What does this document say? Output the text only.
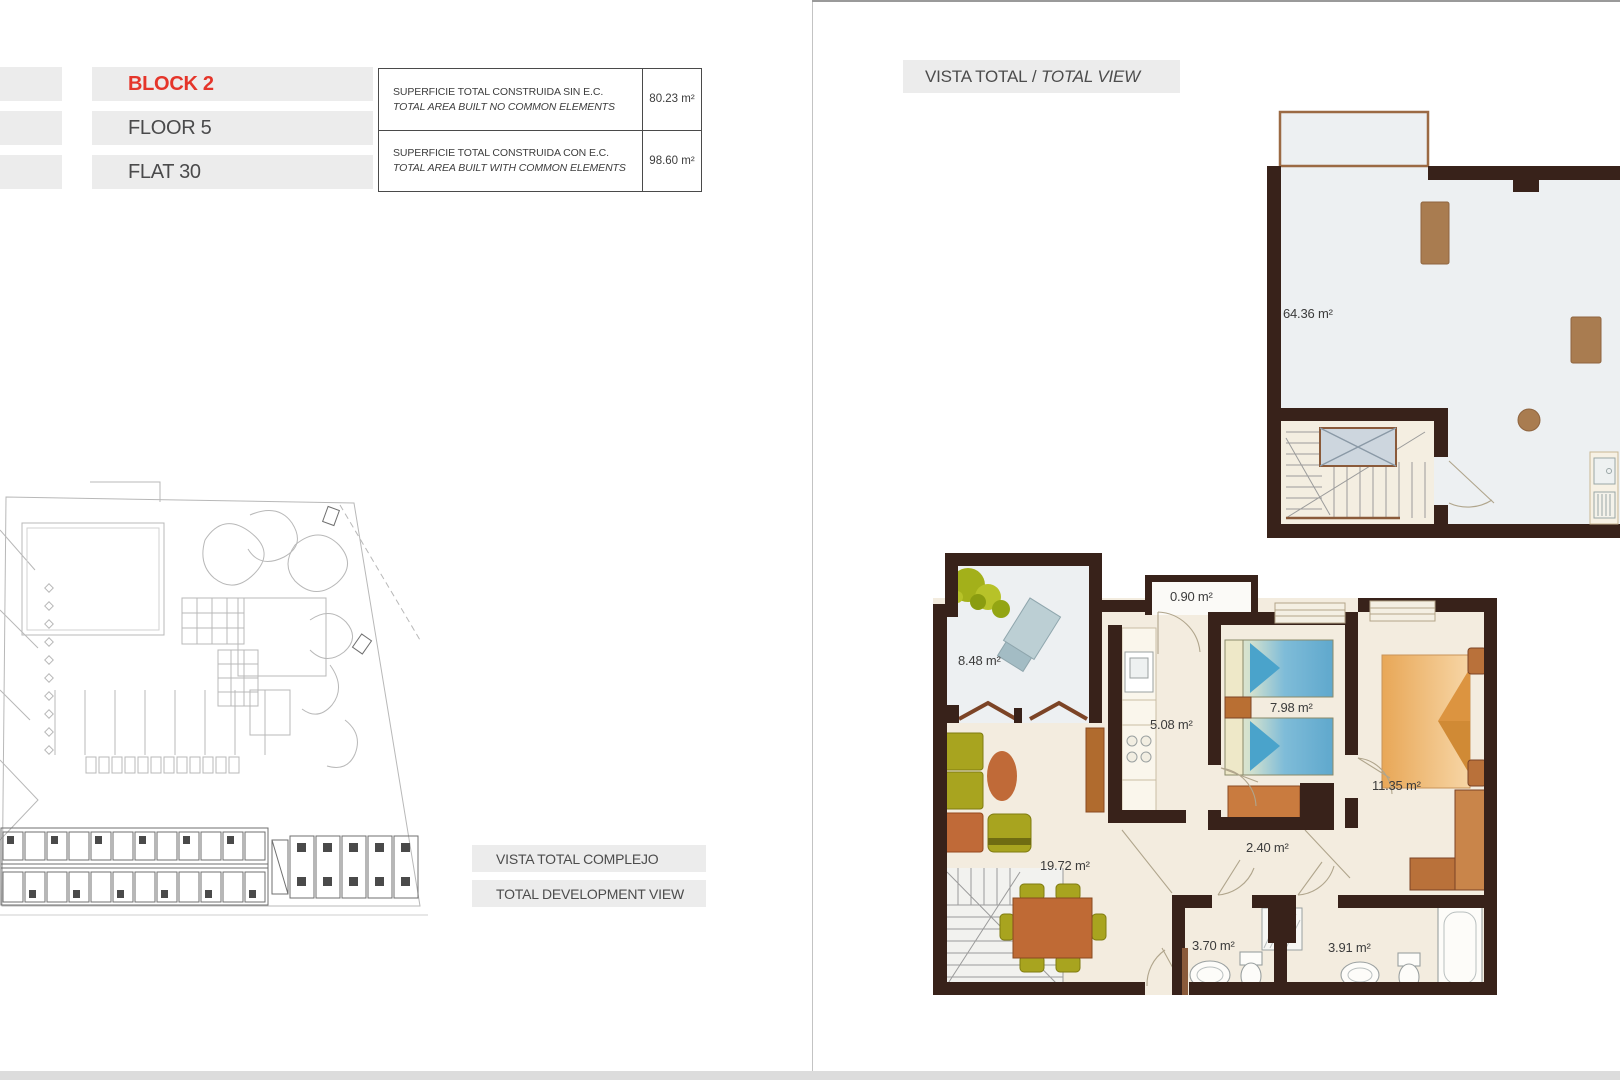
BLOCK 2
FLOOR 5
FLAT 30
SUPERFICIE TOTAL CONSTRUIDA SIN E.C.
TOTAL AREA BUILT NO COMMON ELEMENTS
80.23 m²
SUPERFICIE TOTAL CONSTRUIDA CON E.C.
TOTAL AREA BUILT WITH COMMON ELEMENTS
98.60 m²
VISTA TOTAL / TOTAL VIEW
VISTA TOTAL COMPLEJO
TOTAL DEVELOPMENT VIEW
64.36 m²
8.48 m²
0.90 m²
5.08 m²
7.98 m²
11.35 m²
19.72 m²
2.40 m²
3.70 m²	3.91 m²
